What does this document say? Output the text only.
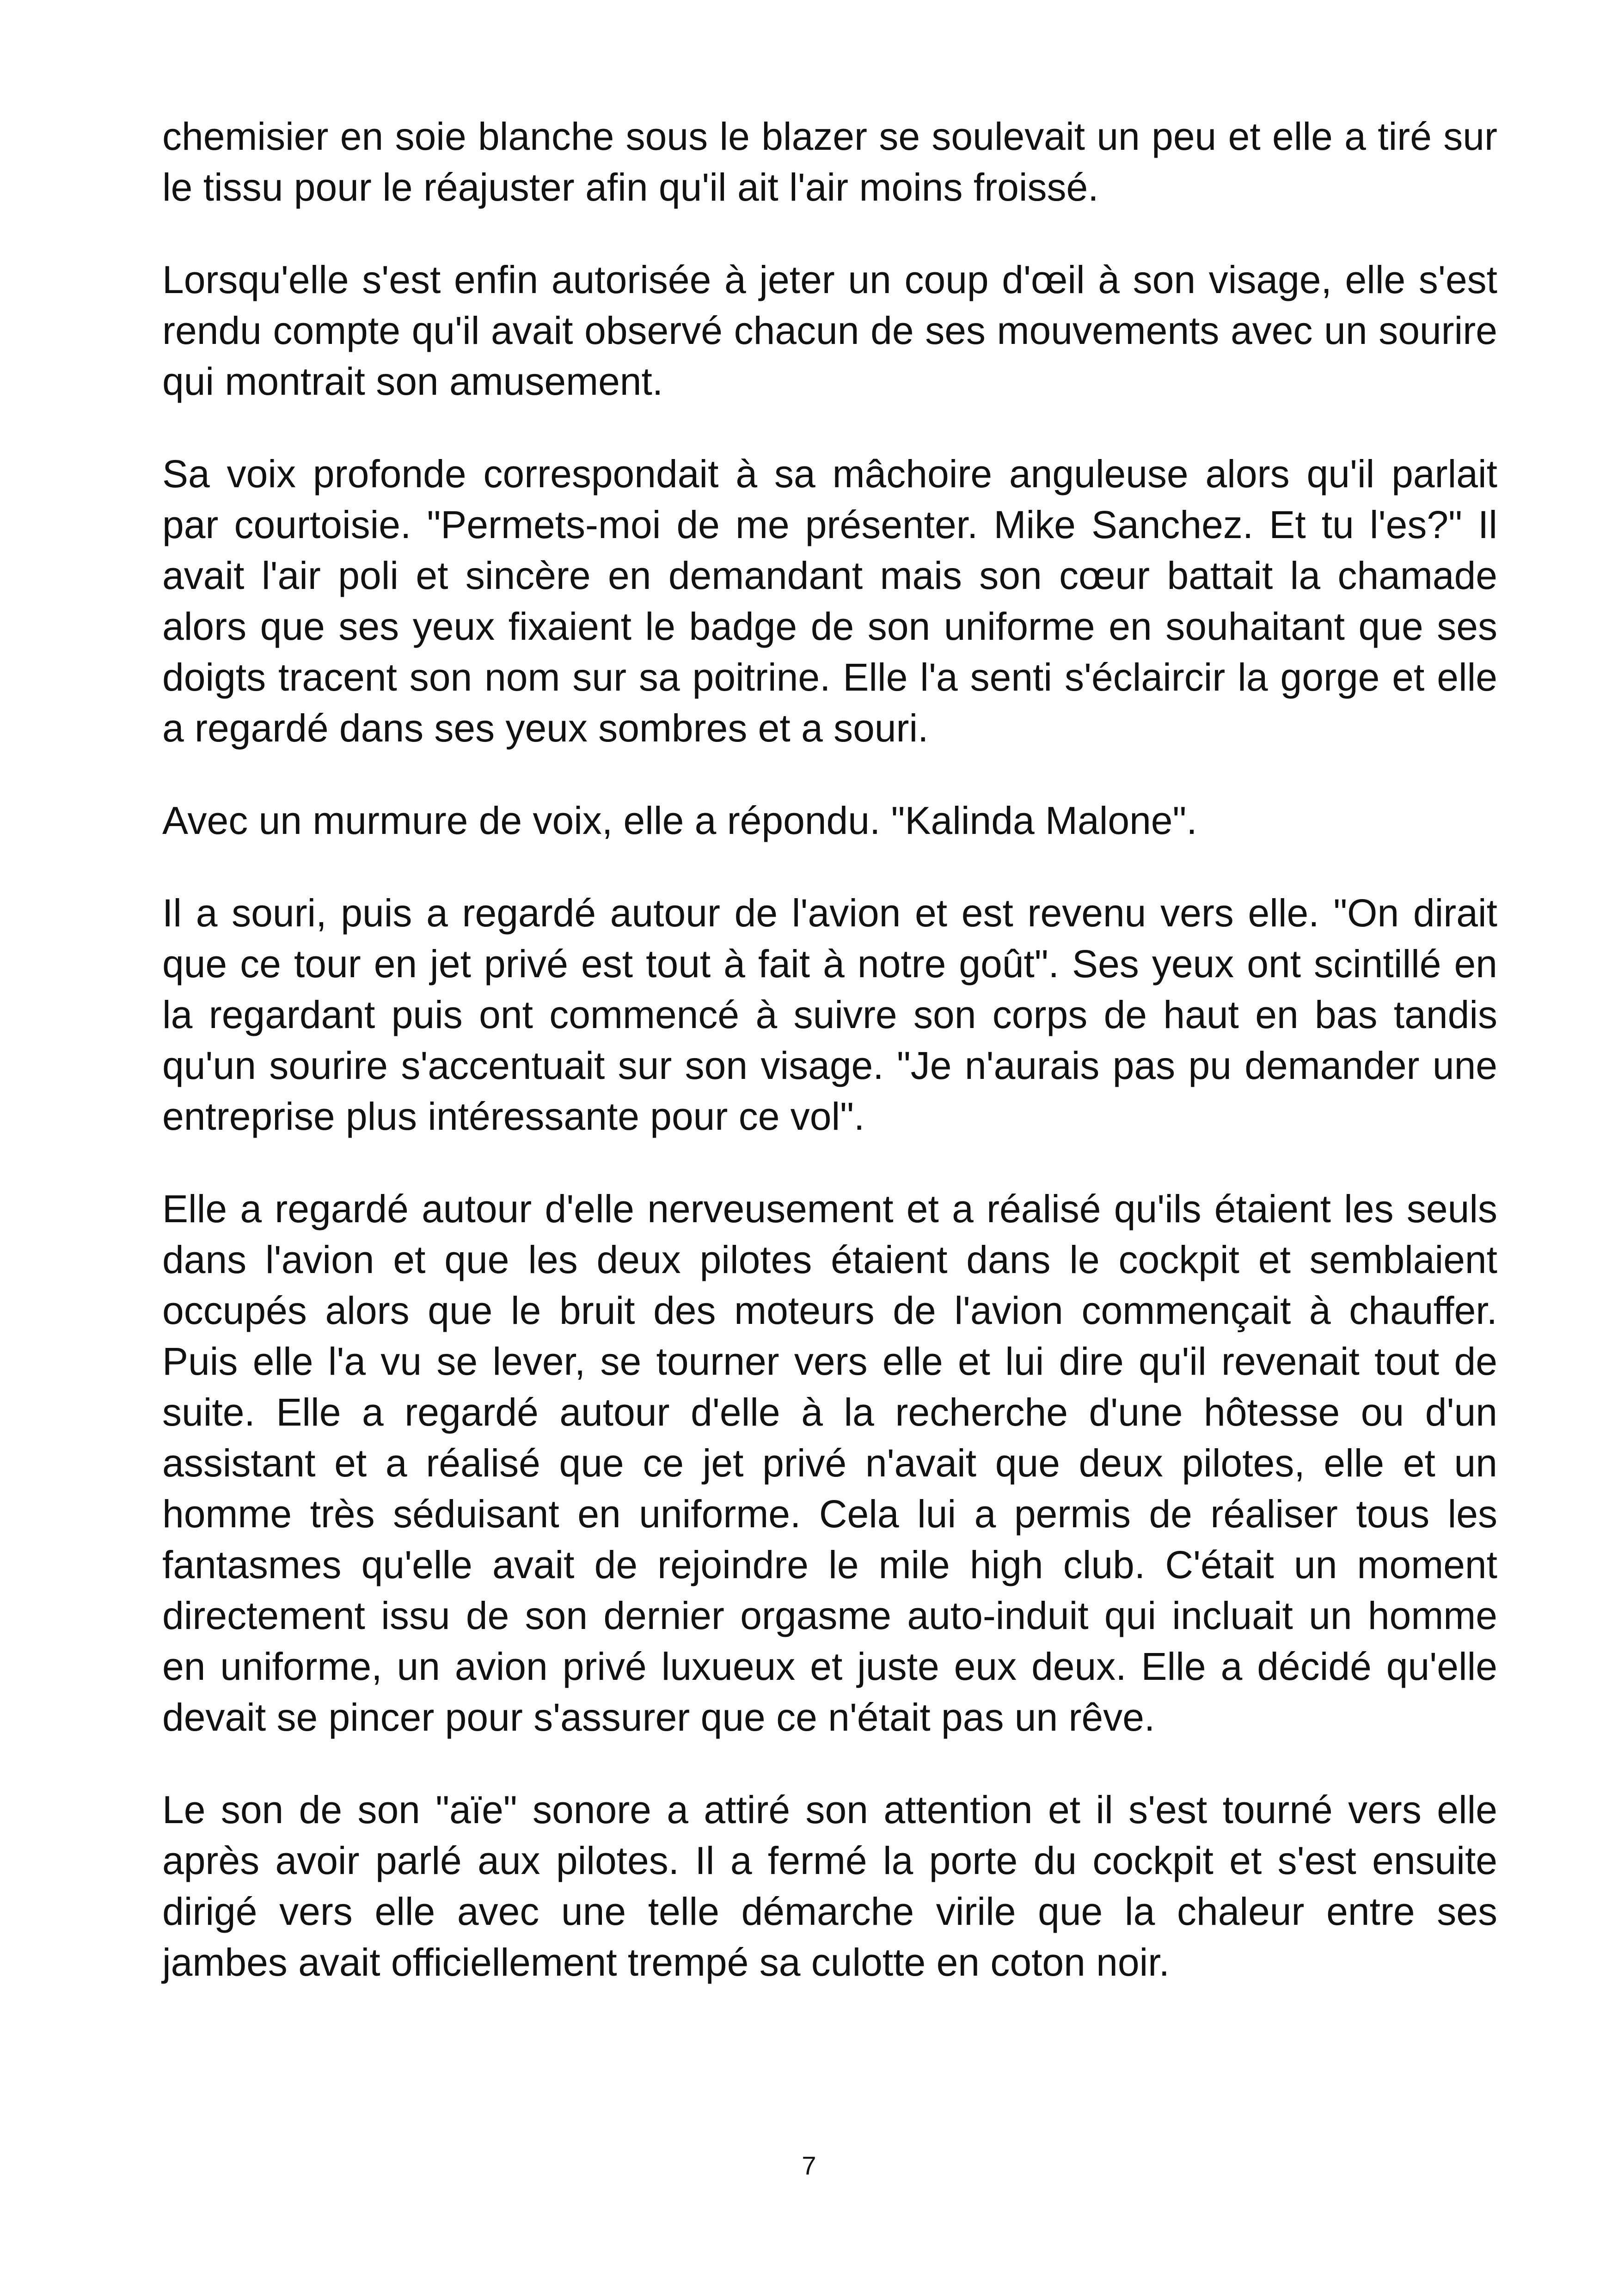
chemisier en soie blanche sous le blazer se soulevait un peu et elle a tiré sur le tissu pour le réajuster afin qu'il ait l'air moins froissé.

Lorsqu'elle s'est enfin autorisée à jeter un coup d'œil à son visage, elle s'est rendu compte qu'il avait observé chacun de ses mouvements avec un sourire qui montrait son amusement.

Sa voix profonde correspondait à sa mâchoire anguleuse alors qu'il parlait par courtoisie. "Permets-moi de me présenter. Mike Sanchez. Et tu l'es?" Il avait l'air poli et sincère en demandant mais son cœur battait la chamade alors que ses yeux fixaient le badge de son uniforme en souhaitant que ses doigts tracent son nom sur sa poitrine. Elle l'a senti s'éclaircir la gorge et elle a regardé dans ses yeux sombres et a souri.

Avec un murmure de voix, elle a répondu. "Kalinda Malone".

Il a souri, puis a regardé autour de l'avion et est revenu vers elle. "On dirait que ce tour en jet privé est tout à fait à notre goût". Ses yeux ont scintillé en la regardant puis ont commencé à suivre son corps de haut en bas tandis qu'un sourire s'accentuait sur son visage. "Je n'aurais pas pu demander une entreprise plus intéressante pour ce vol".

Elle a regardé autour d'elle nerveusement et a réalisé qu'ils étaient les seuls dans l'avion et que les deux pilotes étaient dans le cockpit et semblaient occupés alors que le bruit des moteurs de l'avion commençait à chauffer. Puis elle l'a vu se lever, se tourner vers elle et lui dire qu'il revenait tout de suite. Elle a regardé autour d'elle à la recherche d'une hôtesse ou d'un assistant et a réalisé que ce jet privé n'avait que deux pilotes, elle et un homme très séduisant en uniforme. Cela lui a permis de réaliser tous les fantasmes qu'elle avait de rejoindre le mile high club. C'était un moment directement issu de son dernier orgasme auto-induit qui incluait un homme en uniforme, un avion privé luxueux et juste eux deux. Elle a décidé qu'elle devait se pincer pour s'assurer que ce n'était pas un rêve.

Le son de son "aïe" sonore a attiré son attention et il s'est tourné vers elle après avoir parlé aux pilotes. Il a fermé la porte du cockpit et s'est ensuite dirigé vers elle avec une telle démarche virile que la chaleur entre ses jambes avait officiellement trempé sa culotte en coton noir.

7
